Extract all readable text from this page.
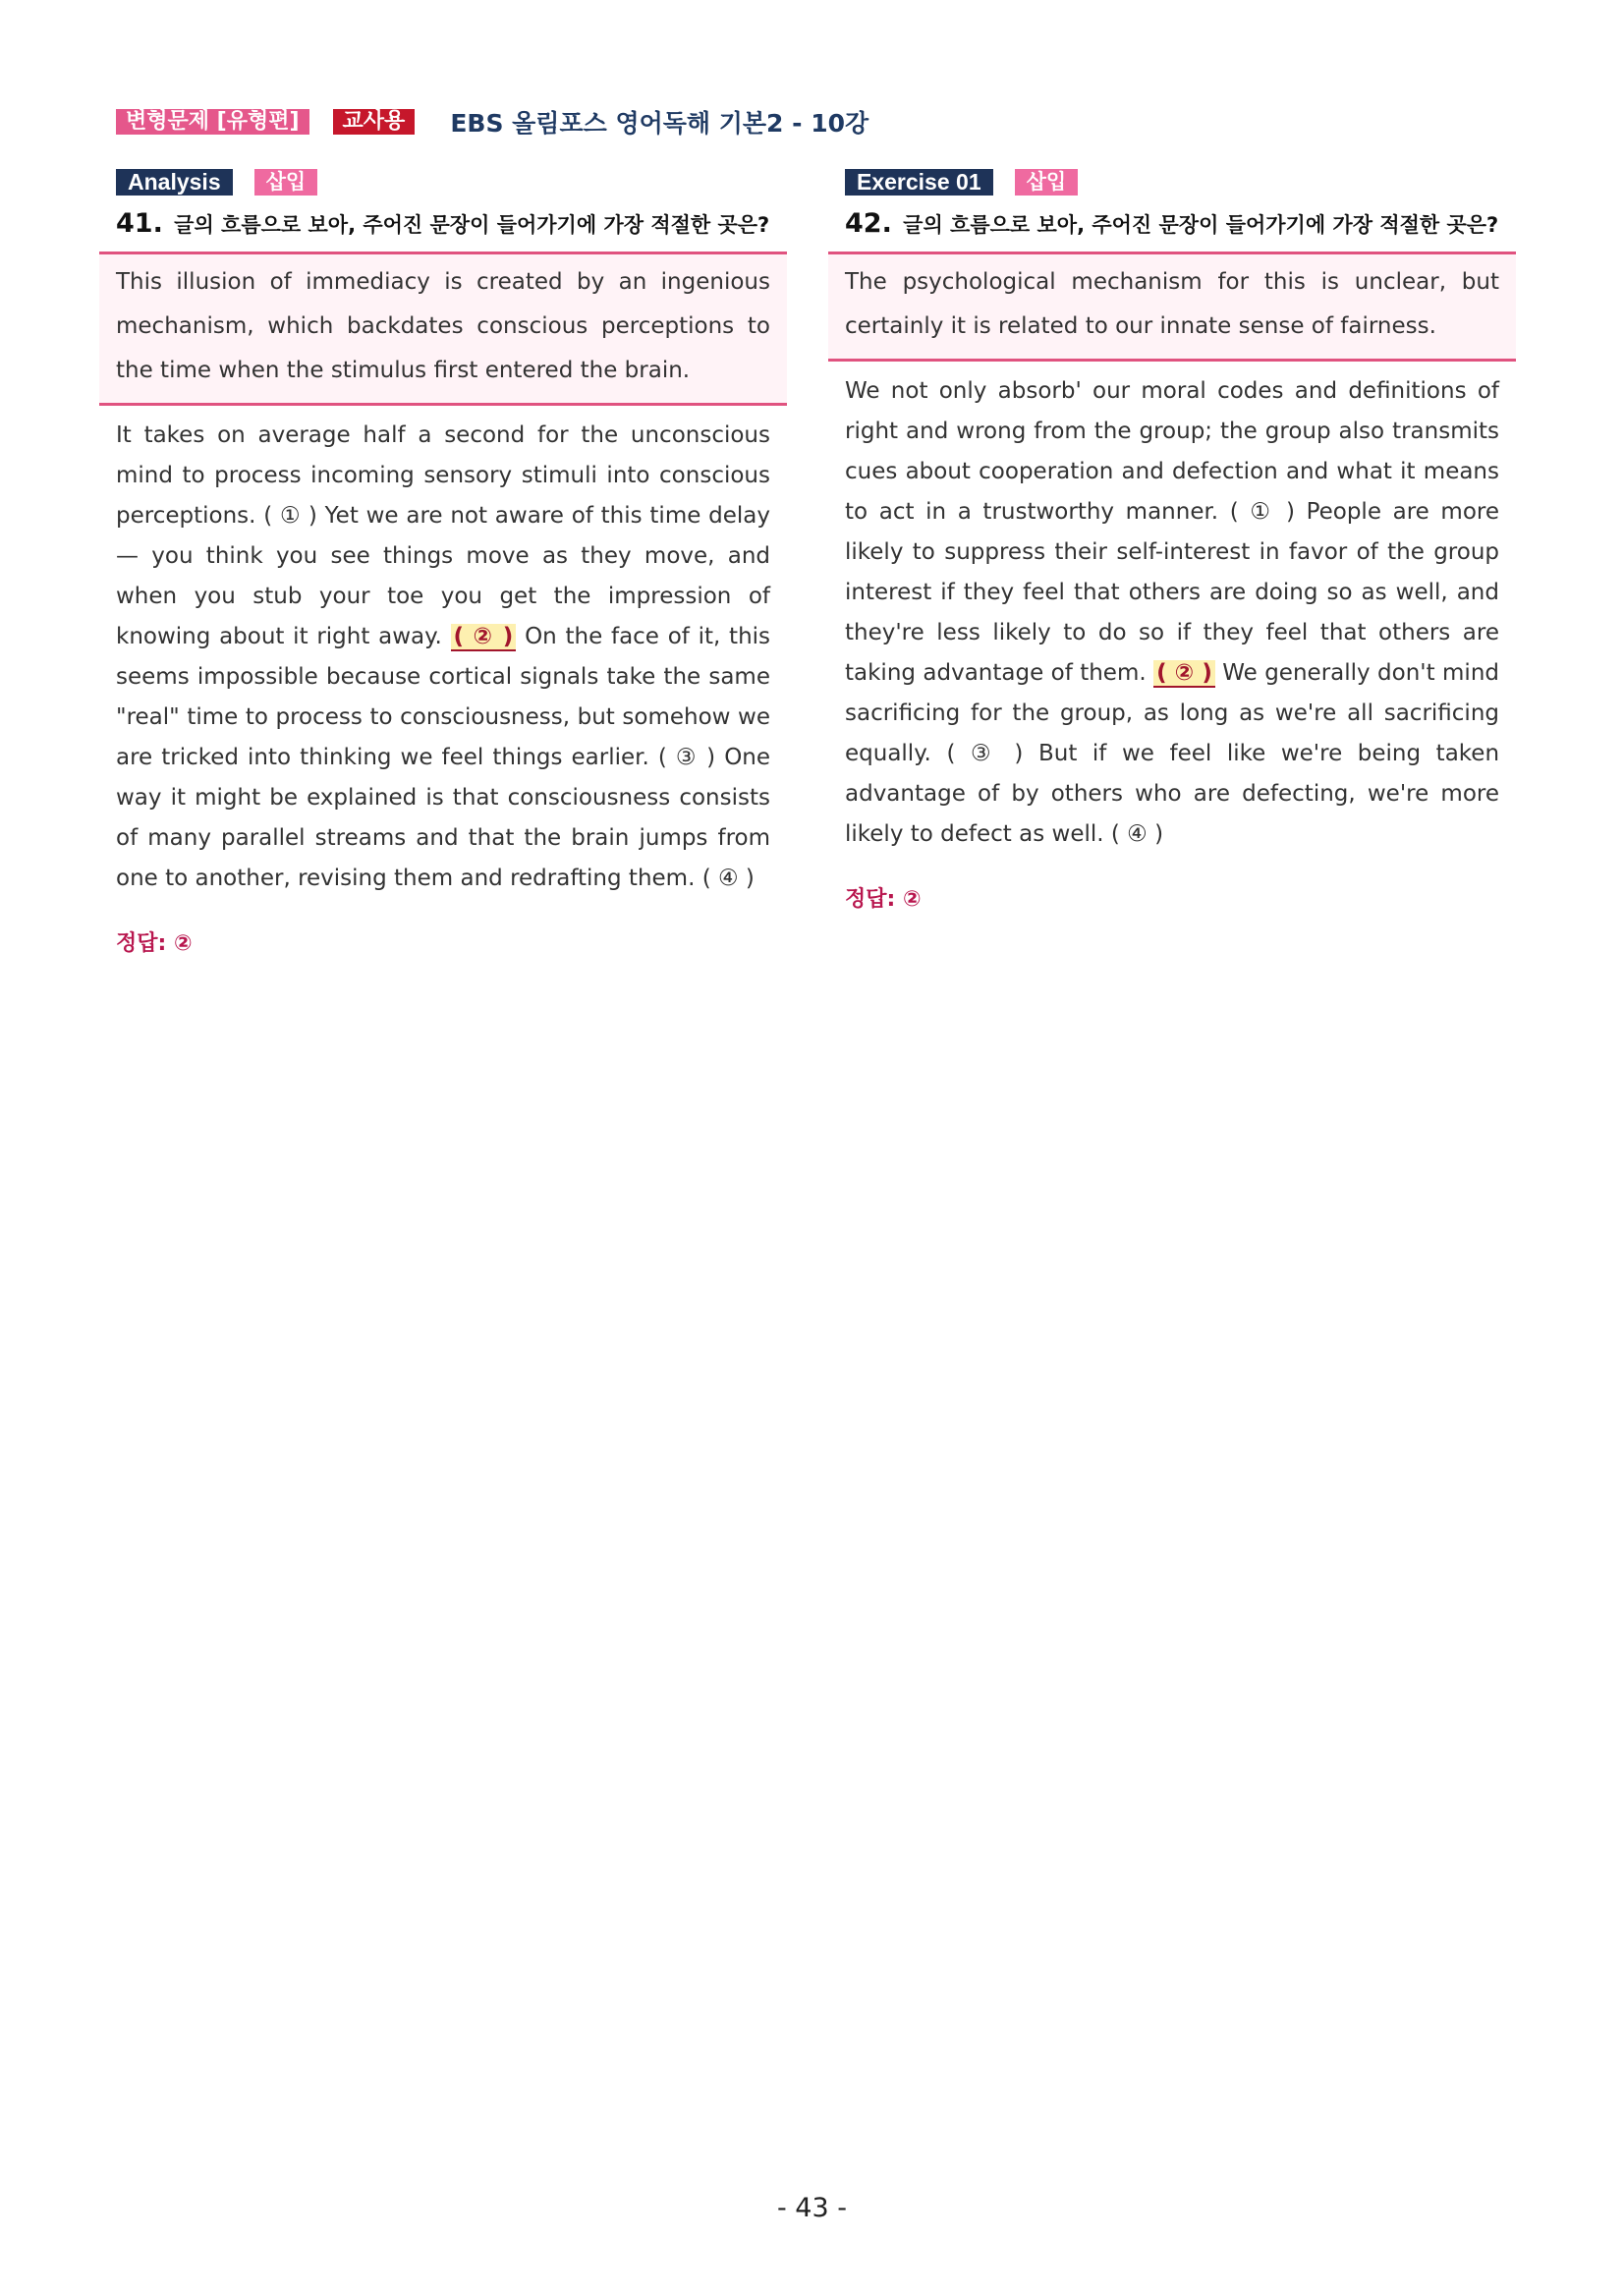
변형문제 [유형편]	교사용	EBS 올림포스 영어독해 기본2 - 10강
Analysis	삽입
41. 글의 흐름으로 보아, 주어진 문장이 들어가기에 가장 적절한 곳은?
This illusion of immediacy is created by an ingenious mechanism, which backdates conscious perceptions to the time when the stimulus first entered the brain.
It takes on average half a second for the unconscious mind to process incoming sensory stimuli into conscious perceptions. ( ① ) Yet we are not aware of this time delay — you think you see things move as they move, and when you stub your toe you get the impression of knowing about it right away. ( ② ) On the face of it, this seems impossible because cortical signals take the same "real" time to process to consciousness, but somehow we are tricked into thinking we feel things earlier. ( ③ ) One way it might be explained is that consciousness consists of many parallel streams and that the brain jumps from one to another, revising them and redrafting them. ( ④ )
정답: ②
Exercise 01	삽입
42. 글의 흐름으로 보아, 주어진 문장이 들어가기에 가장 적절한 곳은?
The psychological mechanism for this is unclear, but certainly it is related to our innate sense of fairness.
We not only absorb' our moral codes and definitions of right and wrong from the group; the group also transmits cues about cooperation and defection and what it means to act in a trustworthy manner. ( ① ) People are more likely to suppress their self-interest in favor of the group interest if they feel that others are doing so as well, and they're less likely to do so if they feel that others are taking advantage of them. ( ② ) We generally don't mind sacrificing for the group, as long as we're all sacrificing equally. ( ③ ) But if we feel like we're being taken advantage of by others who are defecting, we're more likely to defect as well. ( ④ )
정답: ②
- 43 -
